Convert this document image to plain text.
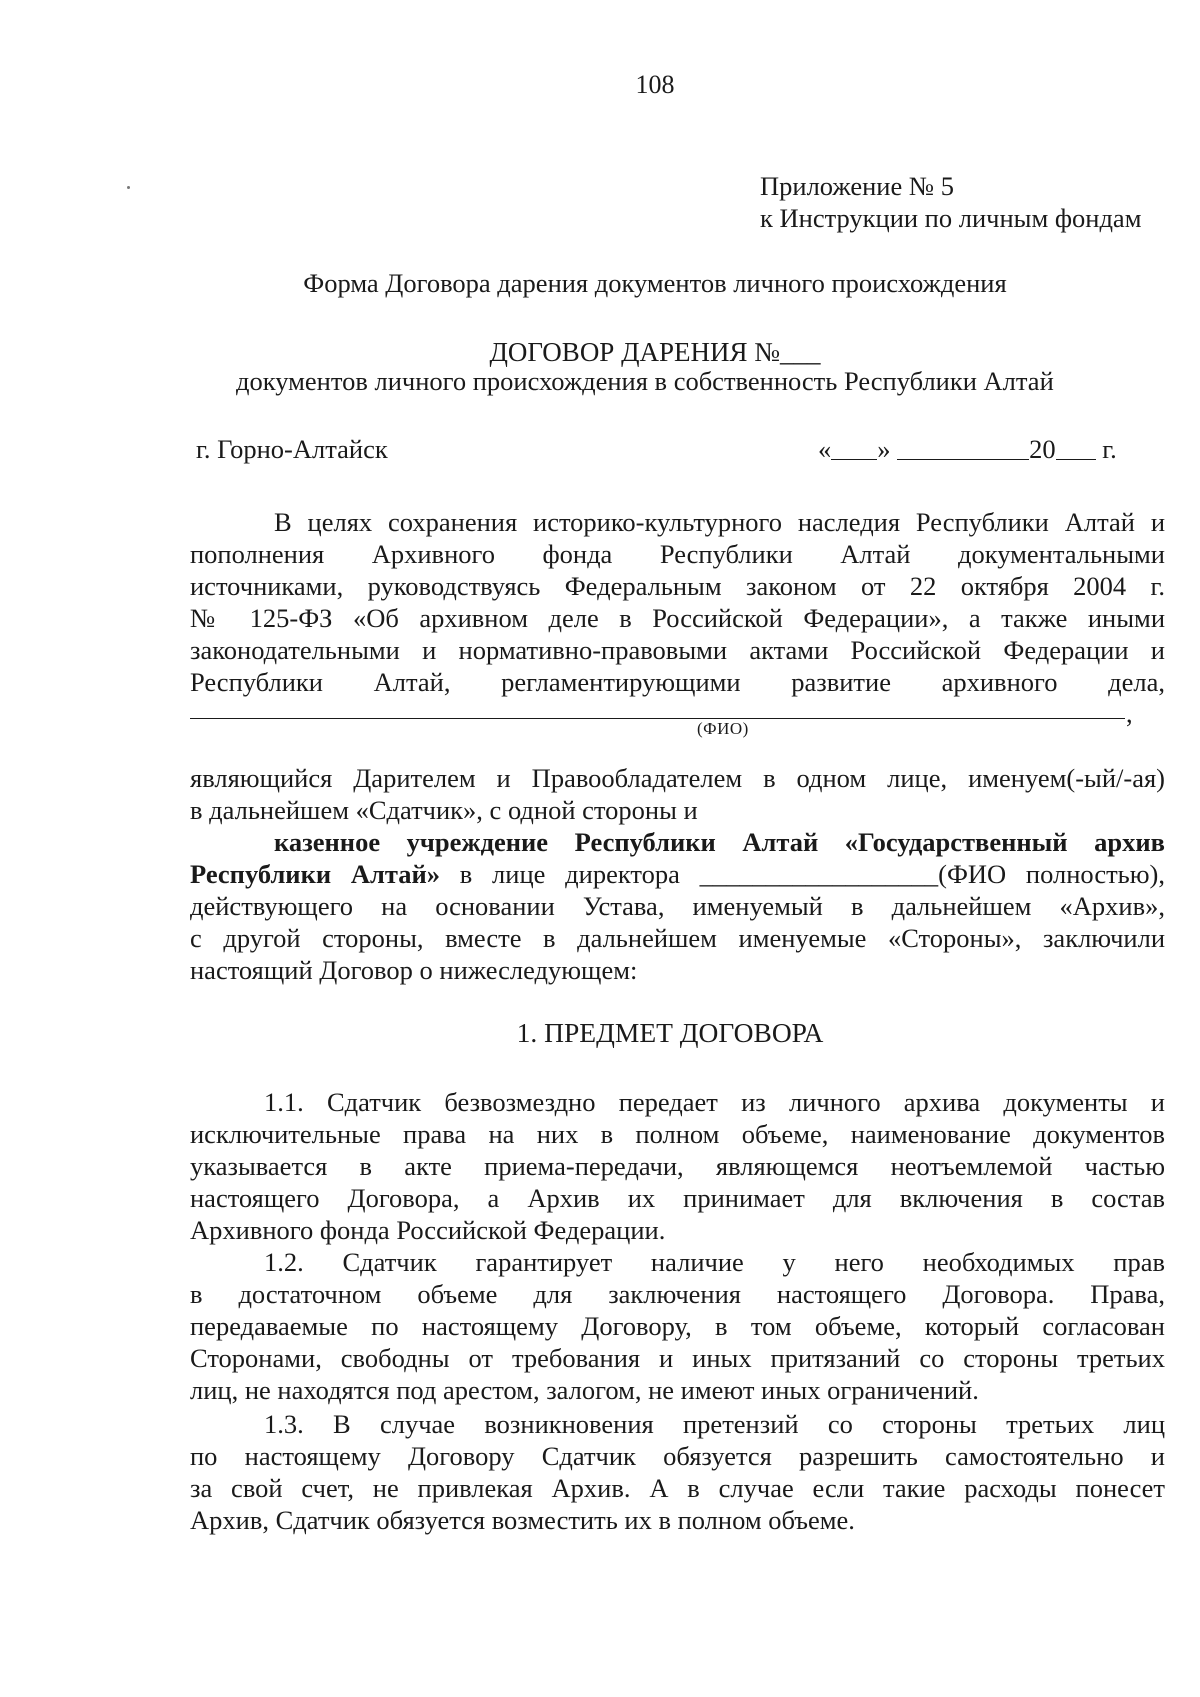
108
Приложение № 5
к Инструкции по личным фондам
Форма Договора дарения документов личного происхождения
ДОГОВОР ДАРЕНИЯ №___
документов личного происхождения в собственность Республики Алтай
г. Горно-Алтайск	« »	20 г.
В целях сохранения историко-культурного наследия Республики Алтай и
пополнения Архивного фонда Республики Алтай документальными
источниками, руководствуясь Федеральным законом от 22 октября 2004 г.
№ 125-ФЗ «Об архивном деле в Российской Федерации», а также иными
законодательными и нормативно-правовыми актами Российской Федерации и
Республики Алтай, регламентирующими развитие архивного дела,
,
(ФИО)
являющийся Дарителем и Правообладателем в одном лице, именуем(-ый/-ая)
в дальнейшем «Сдатчик», с одной стороны и
казенное учреждение Республики Алтай «Государственный архив
Республики Алтай» в лице директора __________________(ФИО полностью),
действующего на основании Устава, именуемый в дальнейшем «Архив»,
с другой стороны, вместе в дальнейшем именуемые «Стороны», заключили
настоящий Договор о нижеследующем:
1. ПРЕДМЕТ ДОГОВОРА
1.1. Сдатчик безвозмездно передает из личного архива документы и
исключительные права на них в полном объеме, наименование документов
указывается в акте приема-передачи, являющемся неотъемлемой частью
настоящего Договора, а Архив их принимает для включения в состав
Архивного фонда Российской Федерации.
1.2. Сдатчик гарантирует наличие у него необходимых прав
в достаточном объеме для заключения настоящего Договора. Права,
передаваемые по настоящему Договору, в том объеме, который согласован
Сторонами, свободны от требования и иных притязаний со стороны третьих
лиц, не находятся под арестом, залогом, не имеют иных ограничений.
1.3. В случае возникновения претензий со стороны третьих лиц
по настоящему Договору Сдатчик обязуется разрешить самостоятельно и
за свой счет, не привлекая Архив. А в случае если такие расходы понесет
Архив, Сдатчик обязуется возместить их в полном объеме.
